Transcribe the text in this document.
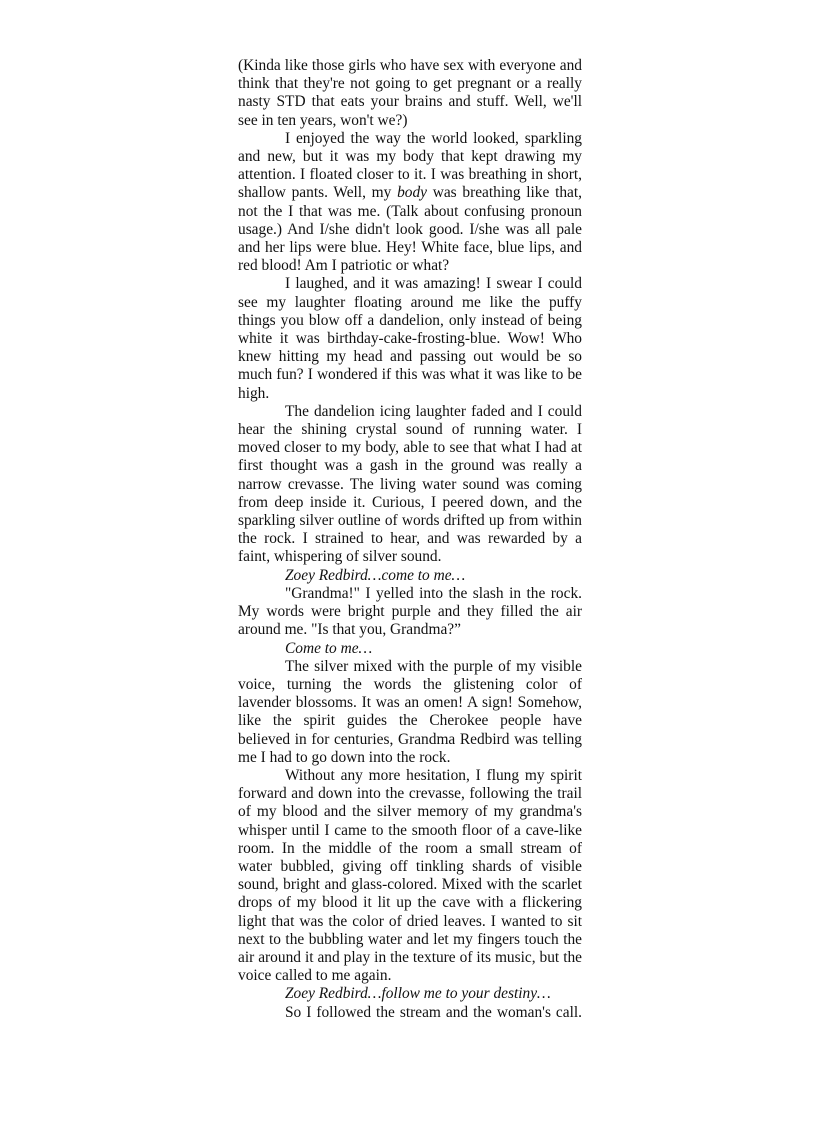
(Kinda like those girls who have sex with everyone and think that they're not going to get pregnant or a really nasty STD that eats your brains and stuff. Well, we'll see in ten years, won't we?)

I enjoyed the way the world looked, sparkling and new, but it was my body that kept drawing my attention. I floated closer to it. I was breathing in short, shallow pants. Well, my body was breathing like that, not the I that was me. (Talk about confusing pronoun usage.) And I/she didn't look good. I/she was all pale and her lips were blue. Hey! White face, blue lips, and red blood! Am I patriotic or what?

I laughed, and it was amazing! I swear I could see my laughter floating around me like the puffy things you blow off a dandelion, only instead of being white it was birthday-cake-frosting-blue. Wow! Who knew hitting my head and passing out would be so much fun? I wondered if this was what it was like to be high.

The dandelion icing laughter faded and I could hear the shining crystal sound of running water. I moved closer to my body, able to see that what I had at first thought was a gash in the ground was really a narrow crevasse. The living water sound was coming from deep inside it. Curious, I peered down, and the sparkling silver outline of words drifted up from within the rock. I strained to hear, and was rewarded by a faint, whispering of silver sound.

Zoey Redbird…come to me…

"Grandma!" I yelled into the slash in the rock. My words were bright purple and they filled the air around me. "Is that you, Grandma?”

Come to me…

The silver mixed with the purple of my visible voice, turning the words the glistening color of lavender blossoms. It was an omen! A sign! Somehow, like the spirit guides the Cherokee people have believed in for centuries, Grandma Redbird was telling me I had to go down into the rock.

Without any more hesitation, I flung my spirit forward and down into the crevasse, following the trail of my blood and the silver memory of my grandma's whisper until I came to the smooth floor of a cave-like room. In the middle of the room a small stream of water bubbled, giving off tinkling shards of visible sound, bright and glass-colored. Mixed with the scarlet drops of my blood it lit up the cave with a flickering light that was the color of dried leaves. I wanted to sit next to the bubbling water and let my fingers touch the air around it and play in the texture of its music, but the voice called to me again.

Zoey Redbird…follow me to your destiny…

So I followed the stream and the woman's call.
